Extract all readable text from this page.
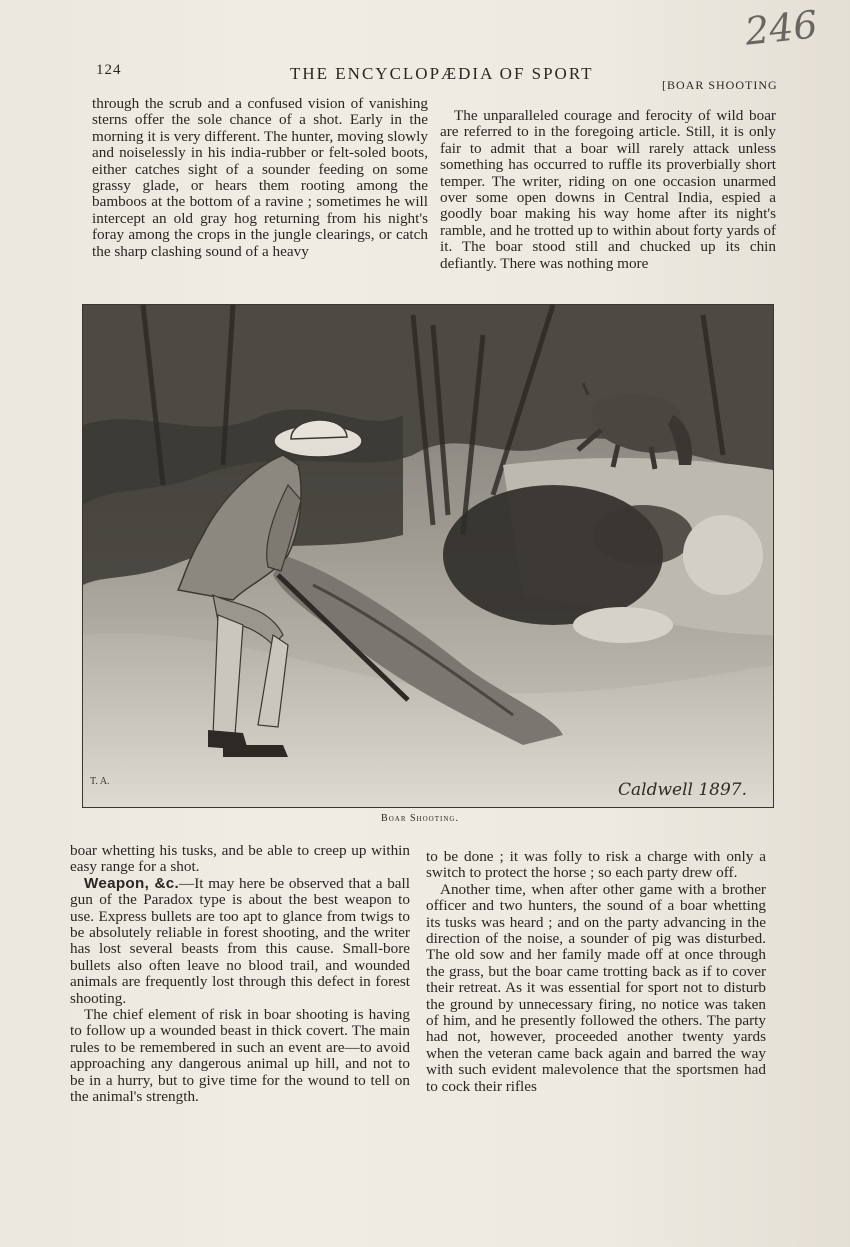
246
124	THE ENCYCLOPÆDIA OF SPORT
[BOAR SHOOTING

through the scrub and a confused vision of vanishing sterns offer the sole chance of a shot. Early in the morning it is very different. The hunter, moving slowly and noiselessly in his india-rubber or felt-soled boots, either catches sight of a sounder feeding on some grassy glade, or hears them rooting among the bamboos at the bottom of a ravine ; sometimes he will intercept an old gray hog returning from his night's foray among the crops in the jungle clearings, or catch the sharp clashing sound of a heavy

The unparalleled courage and ferocity of wild boar are referred to in the foregoing article. Still, it is only fair to admit that a boar will rarely attack unless something has occurred to ruffle its proverbially short temper. The writer, riding on one occasion unarmed over some open downs in Central India, espied a goodly boar making his way home after its night's ramble, and he trotted up to within about forty yards of it. The boar stood still and chucked up its chin defiantly. There was nothing more

T. A.	Caldwell 1897.
Boar Shooting.

boar whetting his tusks, and be able to creep up within easy range for a shot.

Weapon, &c.—It may here be observed that a ball gun of the Paradox type is about the best weapon to use. Express bullets are too apt to glance from twigs to be absolutely reliable in forest shooting, and the writer has lost several beasts from this cause. Small-bore bullets also often leave no blood trail, and wounded animals are frequently lost through this defect in forest shooting.

The chief element of risk in boar shooting is having to follow up a wounded beast in thick covert. The main rules to be remembered in such an event are—to avoid approaching any dangerous animal up hill, and not to be in a hurry, but to give time for the wound to tell on the animal's strength.

to be done ; it was folly to risk a charge with only a switch to protect the horse ; so each party drew off.

Another time, when after other game with a brother officer and two hunters, the sound of a boar whetting its tusks was heard ; and on the party advancing in the direction of the noise, a sounder of pig was disturbed. The old sow and her family made off at once through the grass, but the boar came trotting back as if to cover their retreat. As it was essential for sport not to disturb the ground by unnecessary firing, no notice was taken of him, and he presently followed the others. The party had not, however, proceeded another twenty yards when the veteran came back again and barred the way with such evident malevolence that the sportsmen had to cock their rifles
